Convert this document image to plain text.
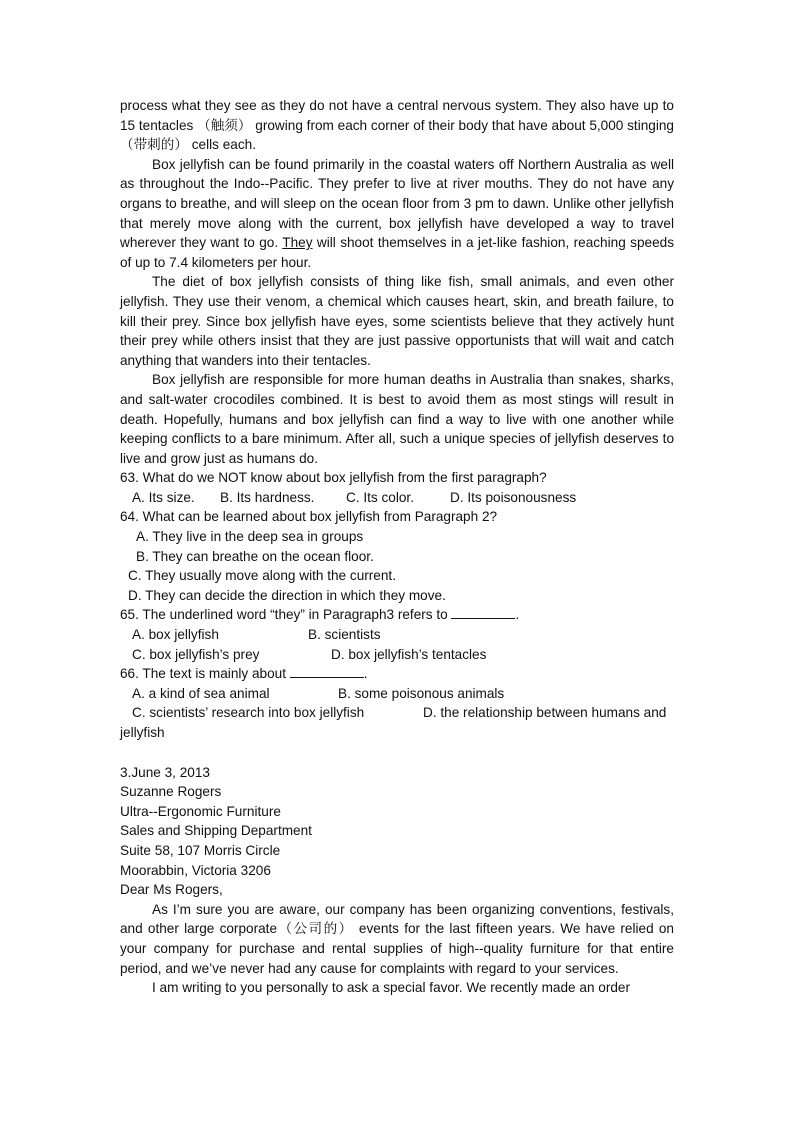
process what they see as they do not have a central nervous system. They also have up to 15 tentacles （触须） growing from each corner of their body that have about 5,000 stinging（带刺的） cells each.

Box jellyfish can be found primarily in the coastal waters off Northern Australia as well as throughout the Indo--Pacific. They prefer to live at river mouths. They do not have any organs to breathe, and will sleep on the ocean floor from 3 pm to dawn. Unlike other jellyfish that merely move along with the current, box jellyfish have developed a way to travel wherever they want to go. They will shoot themselves in a jet-like fashion, reaching speeds of up to 7.4 kilometers per hour.

The diet of box jellyfish consists of thing like fish, small animals, and even other jellyfish. They use their venom, a chemical which causes heart, skin, and breath failure, to kill their prey. Since box jellyfish have eyes, some scientists believe that they actively hunt their prey while others insist that they are just passive opportunists that will wait and catch anything that wanders into their tentacles.

Box jellyfish are responsible for more human deaths in Australia than snakes, sharks, and salt-water crocodiles combined. It is best to avoid them as most stings will result in death. Hopefully, humans and box jellyfish can find a way to live with one another while keeping conflicts to a bare minimum. After all, such a unique species of jellyfish deserves to live and grow just as humans do.

63. What do we NOT know about box jellyfish from the first paragraph?
A. Its size. B. Its hardness. C. Its color.	D. Its poisonousness
64. What can be learned about box jellyfish from Paragraph 2?
A. They live in the deep sea in groups
B. They can breathe on the ocean floor.
C. They usually move along with the current.
D. They can decide the direction in which they move.
65. The underlined word “they” in Paragraph3 refers to	.
A. box jellyfish	B. scientists
C. box jellyfish’s prey	D. box jellyfish’s tentacles
66. The text is mainly about	.
A. a kind of sea animal	B. some poisonous animals

C. scientists’ research into box jellyfish	D. the relationship between humans and

jellyfish
3.June 3, 2013
Suzanne Rogers
Ultra--Ergonomic Furniture
Sales and Shipping Department
Suite 58, 107 Morris Circle
Moorabbin, Victoria 3206
Dear Ms Rogers,

As I’m sure you are aware, our company has been organizing conventions, festivals, and other large corporate（公司的） events for the last fifteen years. We have relied on your company for purchase and rental supplies of high--quality furniture for that entire period, and we’ve never had any cause for complaints with regard to your services.

I am writing to you personally to ask a special favor. We recently made an order
